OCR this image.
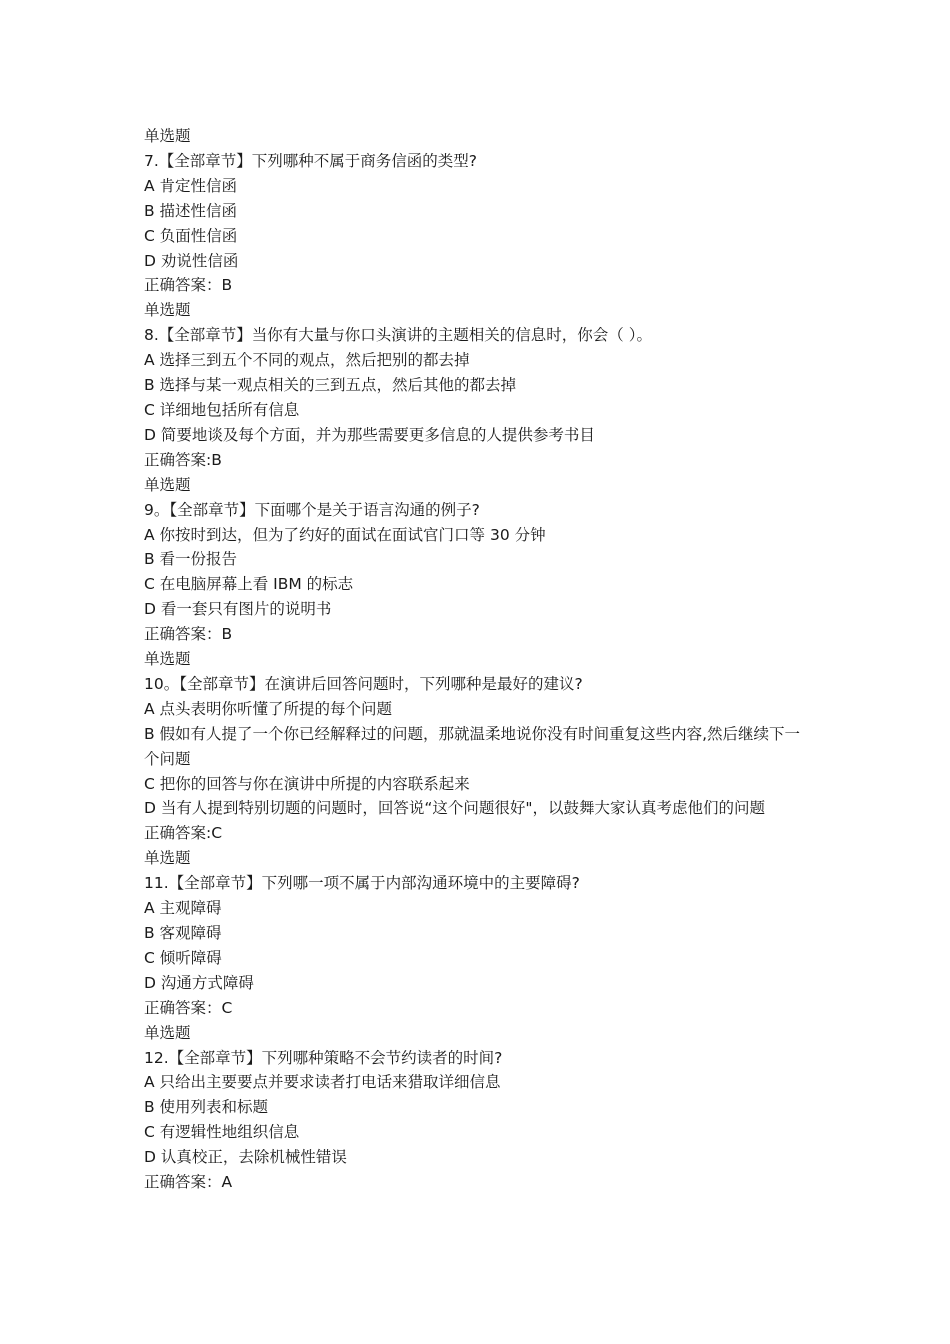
单选题
7.【全部章节】下列哪种不属于商务信函的类型?
A 肯定性信函
B 描述性信函
C 负面性信函
D 劝说性信函
正确答案：B
单选题
8.【全部章节】当你有大量与你口头演讲的主题相关的信息时，你会（ ）。
A 选择三到五个不同的观点，然后把别的都去掉
B 选择与某一观点相关的三到五点，然后其他的都去掉
C 详细地包括所有信息
D 简要地谈及每个方面，并为那些需要更多信息的人提供参考书目
正确答案:B
单选题
9。【全部章节】下面哪个是关于语言沟通的例子?
A 你按时到达，但为了约好的面试在面试官门口等 30 分钟
B 看一份报告
C 在电脑屏幕上看 IBM 的标志
D 看一套只有图片的说明书
正确答案：B
单选题
10。【全部章节】在演讲后回答问题时，下列哪种是最好的建议?
A 点头表明你听懂了所提的每个问题
B 假如有人提了一个你已经解释过的问题，那就温柔地说你没有时间重复这些内容,然后继续下一个问题
C 把你的回答与你在演讲中所提的内容联系起来
D 当有人提到特别切题的问题时，回答说“这个问题很好"，以鼓舞大家认真考虑他们的问题
正确答案:C
单选题
11.【全部章节】下列哪一项不属于内部沟通环境中的主要障碍?
A 主观障碍
B 客观障碍
C 倾听障碍
D 沟通方式障碍
正确答案：C
单选题
12.【全部章节】下列哪种策略不会节约读者的时间?
A 只给出主要要点并要求读者打电话来猎取详细信息
B 使用列表和标题
C 有逻辑性地组织信息
D 认真校正，去除机械性错误
正确答案：A
